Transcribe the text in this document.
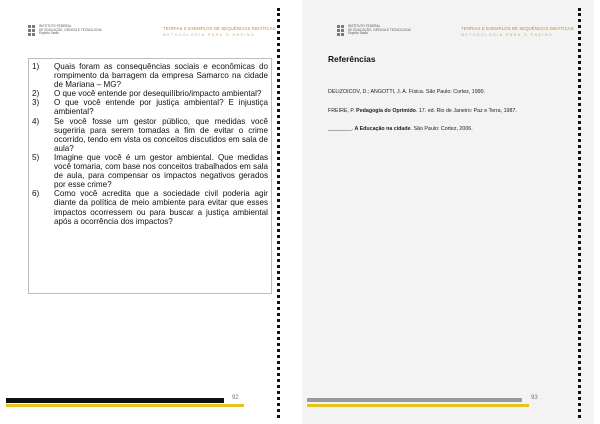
INSTITUTO FEDERAL
DE EDUCAÇÃO, CIÊNCIA E TECNOLOGIA
Espírito Santo
TEORIAS E EXEMPLOS DE SEQUÊNCIAS DIDÁTICAS
METODOLOGIA PARA O ENSINO
1) Quais foram as consequências sociais e econômicas do rompimento da barragem da empresa Samarco na cidade de Mariana – MG?
2) O que você entende por desequilíbrio/impacto ambiental?
3) O que você entende por justiça ambiental? E injustiça ambiental?
4) Se você fosse um gestor público, que medidas você sugeriria para serem tomadas a fim de evitar o crime ocorrido, tendo em vista os conceitos discutidos em sala de aula?
5) Imagine que você é um gestor ambiental. Que medidas você tomaria, com base nos conceitos trabalhados em sala de aula, para compensar os impactos negativos gerados por esse crime?
6) Como você acredita que a sociedade civil poderia agir diante da política de meio ambiente para evitar que esses impactos ocorressem ou para buscar a justiça ambiental após a ocorrência dos impactos?
92
INSTITUTO FEDERAL
DE EDUCAÇÃO, CIÊNCIA E TECNOLOGIA
Espírito Santo
TEORIAS E EXEMPLOS DE SEQUÊNCIAS DIDÁTICAS
METODOLOGIA PARA O ENSINO
93
Referências
DELIZOICOV, D.; ANGOTTI, J. A. Física. São Paulo: Cortez, 1990.
FREIRE, P. Pedagogia do Oprimido. 17. ed. Rio de Janeiro: Paz e Terra, 1987.
________. A Educação na cidade. São Paulo: Cortez, 2006.
